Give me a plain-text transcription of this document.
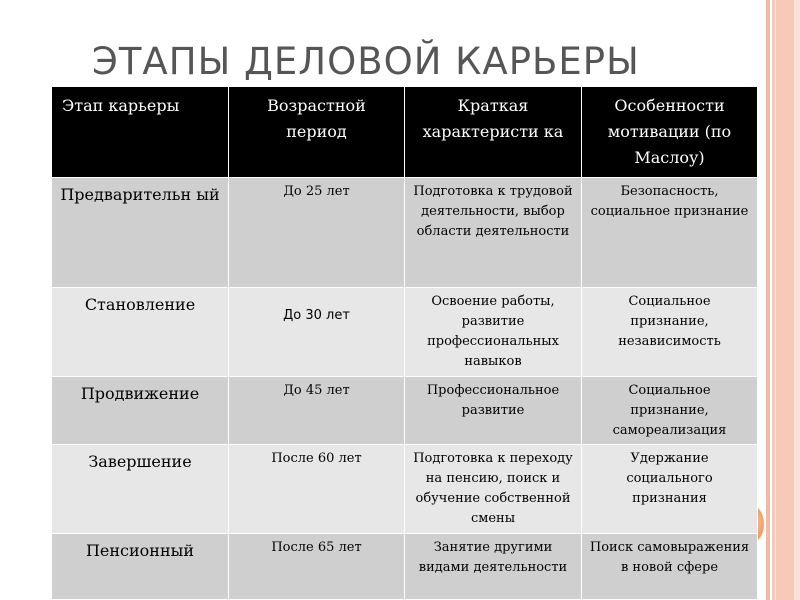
ЭТАПЫ ДЕЛОВОЙ КАРЬЕРЫ
Этап карьеры	Возрастной период	Краткая характеристи ка	Особенности мотивации (по Маслоу)
Предварительн ый	До 25 лет	Подготовка к трудовой деятельности, выбор области деятельности	Безопасность, социальное признание
Становление	До 30 лет	Освоение работы, развитие профессиональных навыков	Социальное признание, независимость
Продвижение	До 45 лет	Профессиональное развитие	Социальное признание, самореализация
Завершение	После 60 лет	Подготовка к переходу на пенсию, поиск и обучение собственной смены	Удержание социального признания
Пенсионный	После 65 лет	Занятие другими видами деятельности	Поиск самовыражения в новой сфере
